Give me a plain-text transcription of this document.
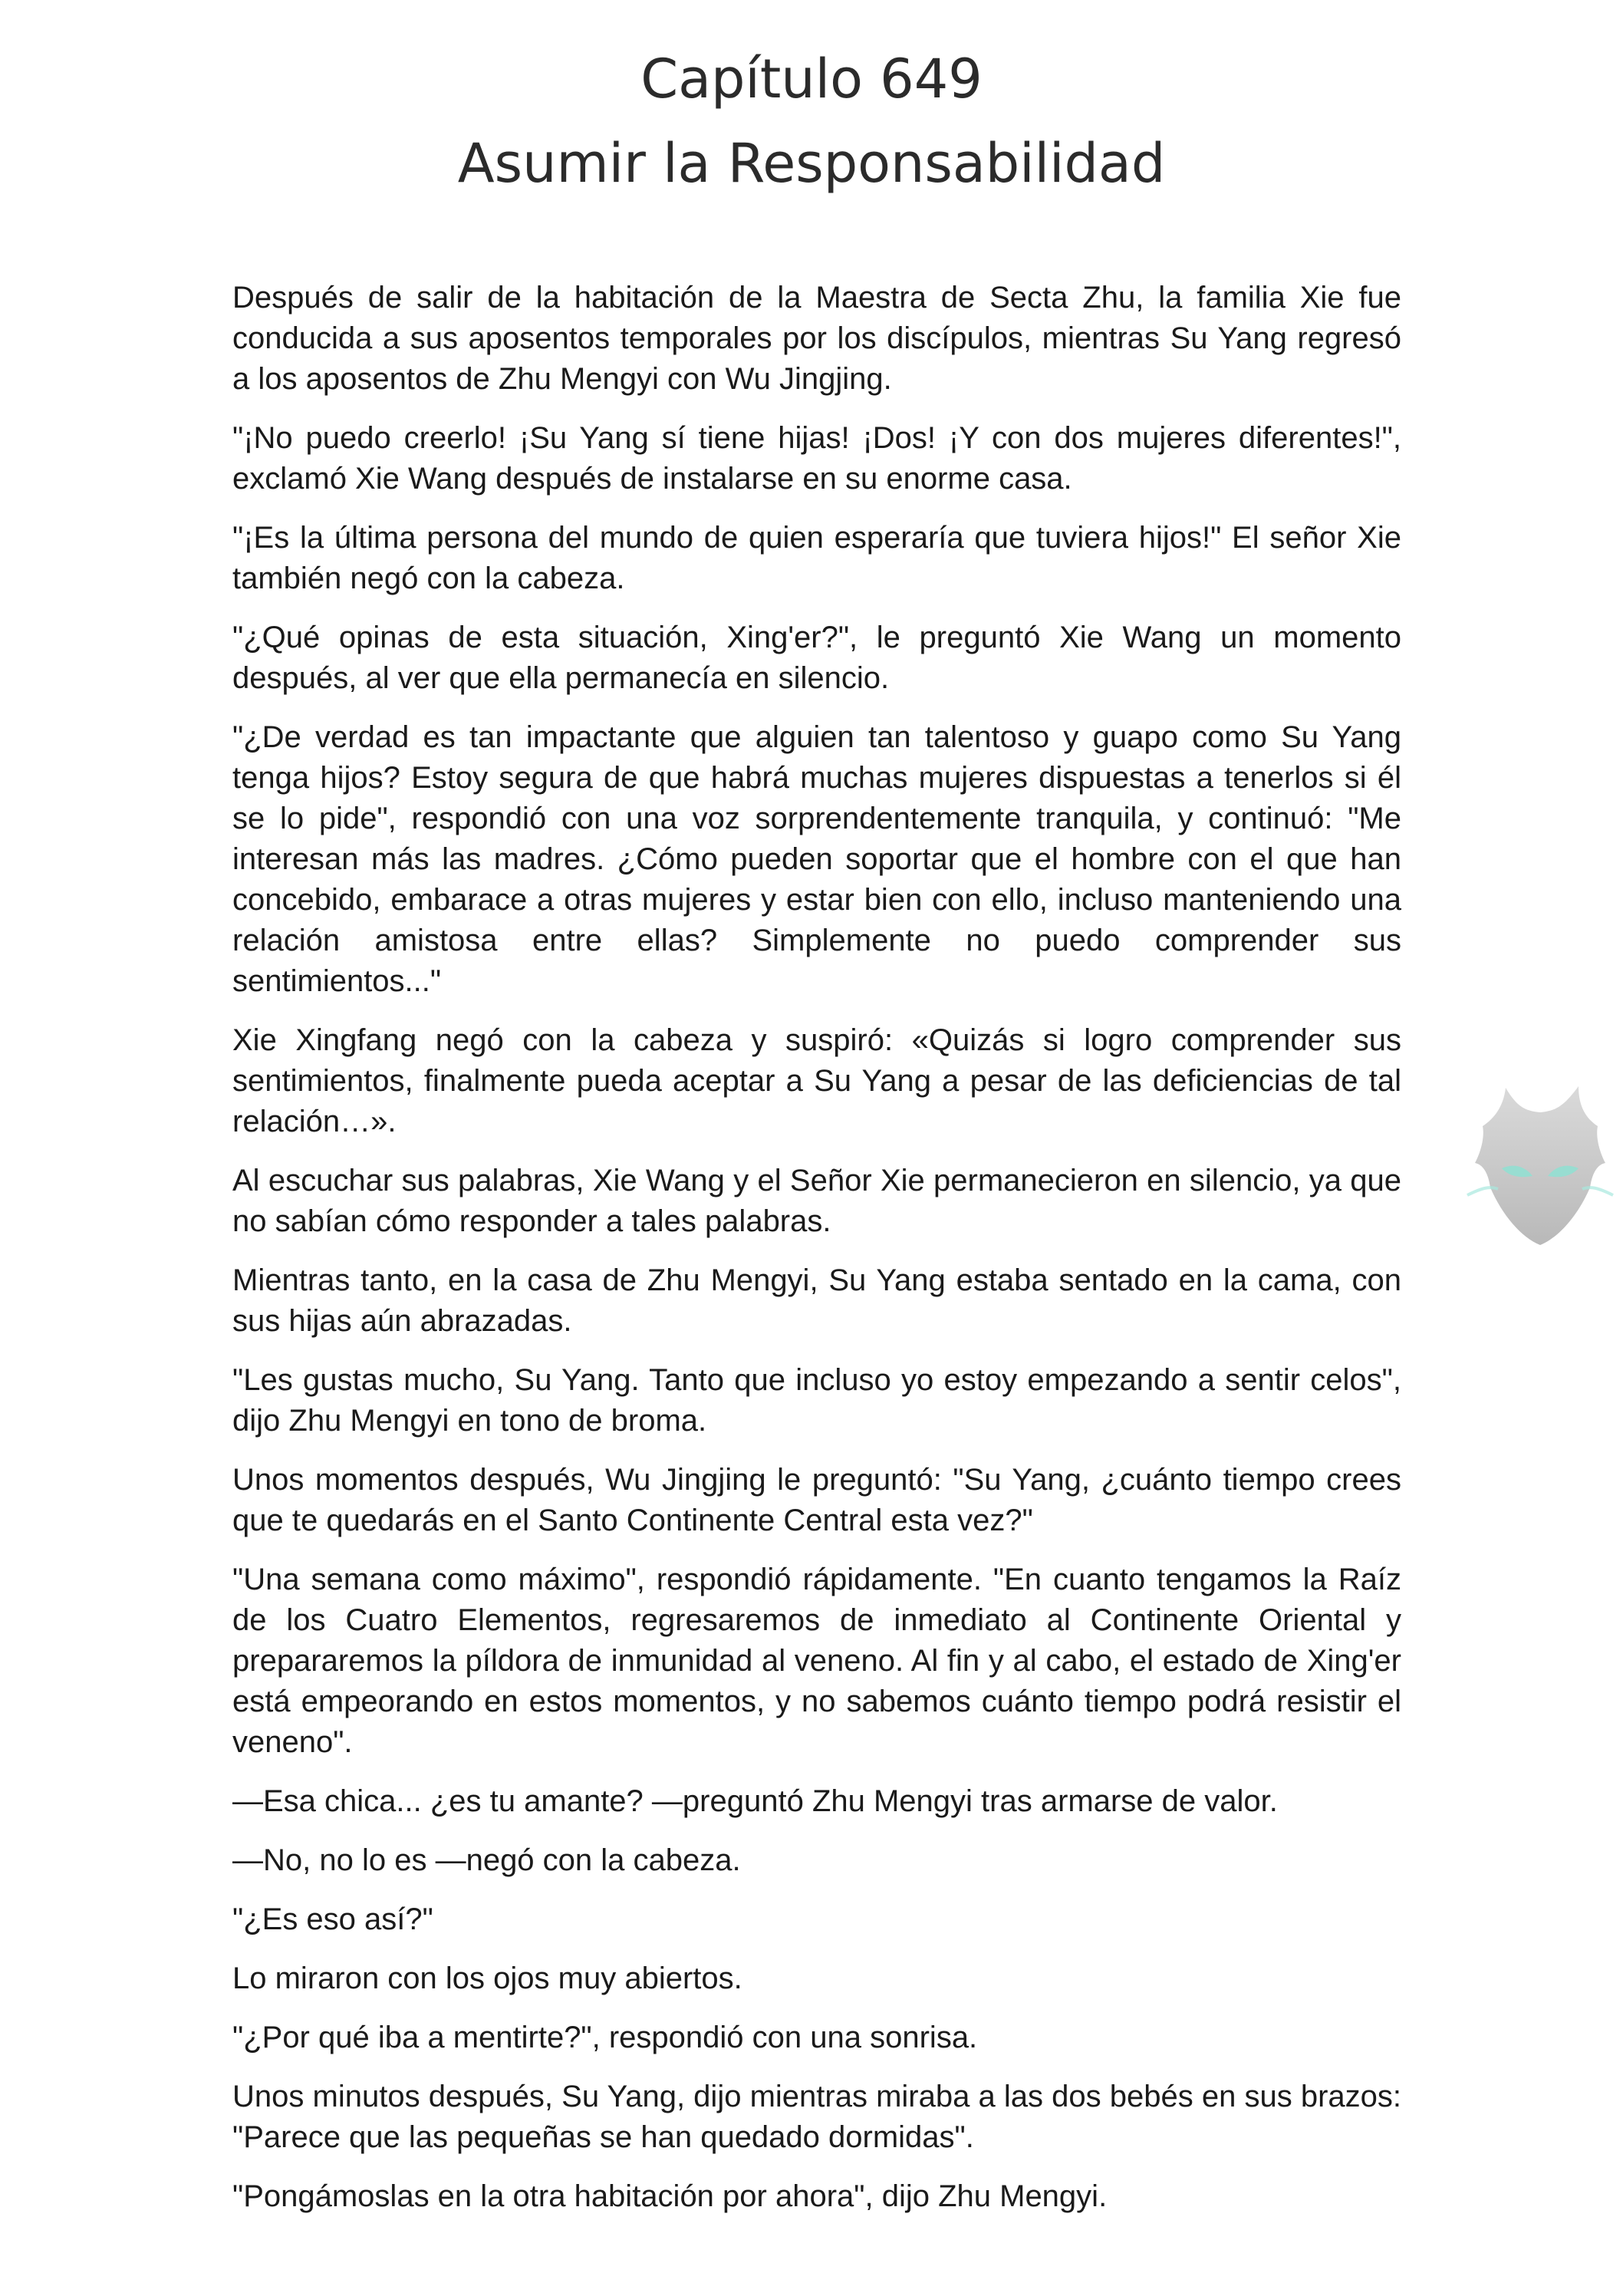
Capítulo 649
Asumir la Responsabilidad

Después de salir de la habitación de la Maestra de Secta Zhu, la familia Xie fue conducida a sus aposentos temporales por los discípulos, mientras Su Yang regresó a los aposentos de Zhu Mengyi con Wu Jingjing.

"¡No puedo creerlo! ¡Su Yang sí tiene hijas! ¡Dos! ¡Y con dos mujeres diferentes!", exclamó Xie Wang después de instalarse en su enorme casa.

"¡Es la última persona del mundo de quien esperaría que tuviera hijos!" El señor Xie también negó con la cabeza.

"¿Qué opinas de esta situación, Xing'er?", le preguntó Xie Wang un momento después, al ver que ella permanecía en silencio.

"¿De verdad es tan impactante que alguien tan talentoso y guapo como Su Yang tenga hijos? Estoy segura de que habrá muchas mujeres dispuestas a tenerlos si él se lo pide", respondió con una voz sorprendentemente tranquila, y continuó: "Me interesan más las madres. ¿Cómo pueden soportar que el hombre con el que han concebido, embarace a otras mujeres y estar bien con ello, incluso manteniendo una relación amistosa entre ellas? Simplemente no puedo comprender sus sentimientos..."

Xie Xingfang negó con la cabeza y suspiró: «Quizás si logro comprender sus sentimientos, finalmente pueda aceptar a Su Yang a pesar de las deficiencias de tal relación…».

Al escuchar sus palabras, Xie Wang y el Señor Xie permanecieron en silencio, ya que no sabían cómo responder a tales palabras.

Mientras tanto, en la casa de Zhu Mengyi, Su Yang estaba sentado en la cama, con sus hijas aún abrazadas.

"Les gustas mucho, Su Yang. Tanto que incluso yo estoy empezando a sentir celos", dijo Zhu Mengyi en tono de broma.

Unos momentos después, Wu Jingjing le preguntó: "Su Yang, ¿cuánto tiempo crees que te quedarás en el Santo Continente Central esta vez?"

"Una semana como máximo", respondió rápidamente. "En cuanto tengamos la Raíz de los Cuatro Elementos, regresaremos de inmediato al Continente Oriental y prepararemos la píldora de inmunidad al veneno. Al fin y al cabo, el estado de Xing'er está empeorando en estos momentos, y no sabemos cuánto tiempo podrá resistir el veneno".

—Esa chica... ¿es tu amante? —preguntó Zhu Mengyi tras armarse de valor.

—No, no lo es —negó con la cabeza.

"¿Es eso así?"

Lo miraron con los ojos muy abiertos.

"¿Por qué iba a mentirte?", respondió con una sonrisa.

Unos minutos después, Su Yang, dijo mientras miraba a las dos bebés en sus brazos: "Parece que las pequeñas se han quedado dormidas".

"Pongámoslas en la otra habitación por ahora", dijo Zhu Mengyi.
